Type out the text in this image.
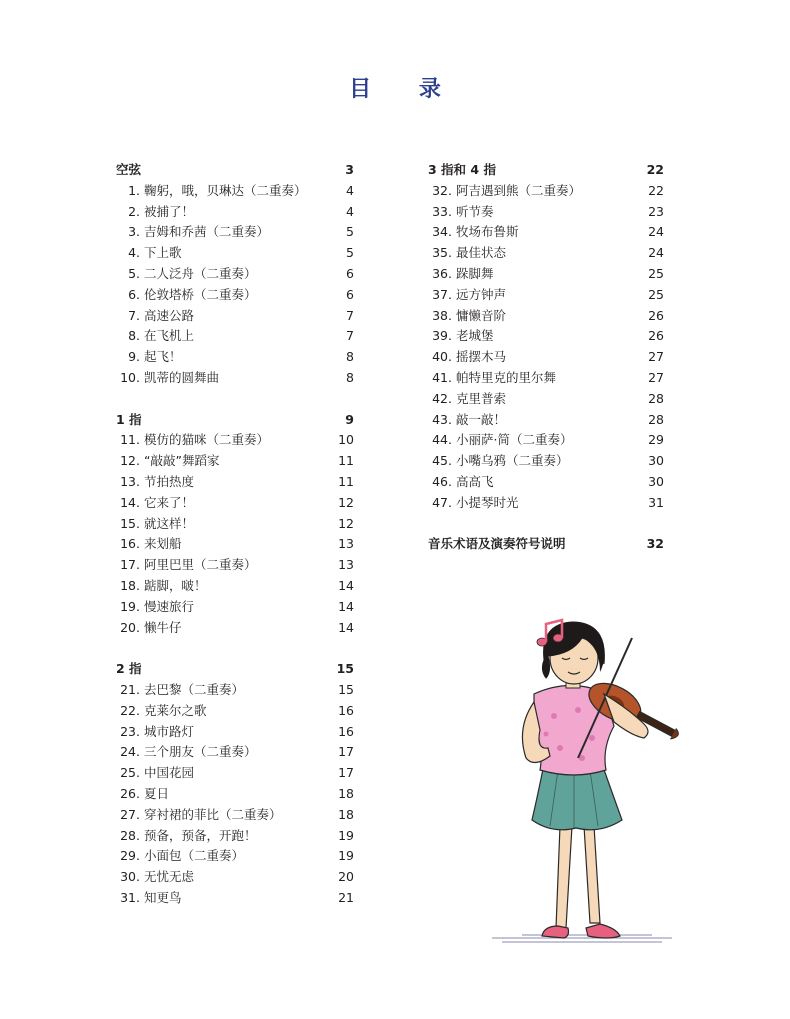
目 录
空弦	3
1. 鞠躬，哦，贝琳达（二重奏）	4
2. 被捕了！	4
3. 吉姆和乔茜（二重奏）	5
4. 下上歌	5
5. 二人泛舟（二重奏）	6
6. 伦敦塔桥（二重奏）	6
7. 高速公路	7
8. 在飞机上	7
9. 起飞！	8
10. 凯蒂的圆舞曲	8
1 指	9
11. 模仿的猫咪（二重奏）	10
12. “敲敲”舞蹈家	11
13. 节拍热度	11
14. 它来了！	12
15. 就这样！	12
16. 来划船	13
17. 阿里巴里（二重奏）	13
18. 踮脚，啵！	14
19. 慢速旅行	14
20. 懒牛仔	14
2 指	15
21. 去巴黎（二重奏）	15
22. 克莱尔之歌	16
23. 城市路灯	16
24. 三个朋友（二重奏）	17
25. 中国花园	17
26. 夏日	18
27. 穿衬裙的菲比（二重奏）	18
28. 预备，预备，开跑！	19
29. 小面包（二重奏）	19
30. 无忧无虑	20
31. 知更鸟	21
3 指和 4 指	22
32. 阿吉遇到熊（二重奏）	22
33. 听节奏	23
34. 牧场布鲁斯	24
35. 最佳状态	24
36. 跺脚舞	25
37. 远方钟声	25
38. 慵懒音阶	26
39. 老城堡	26
40. 摇摆木马	27
41. 帕特里克的里尔舞	27
42. 克里普索	28
43. 敲一敲！	28
44. 小丽萨·简（二重奏）	29
45. 小嘴乌鸦（二重奏）	30
46. 高高飞	30
47. 小提琴时光	31
音乐术语及演奏符号说明	32
